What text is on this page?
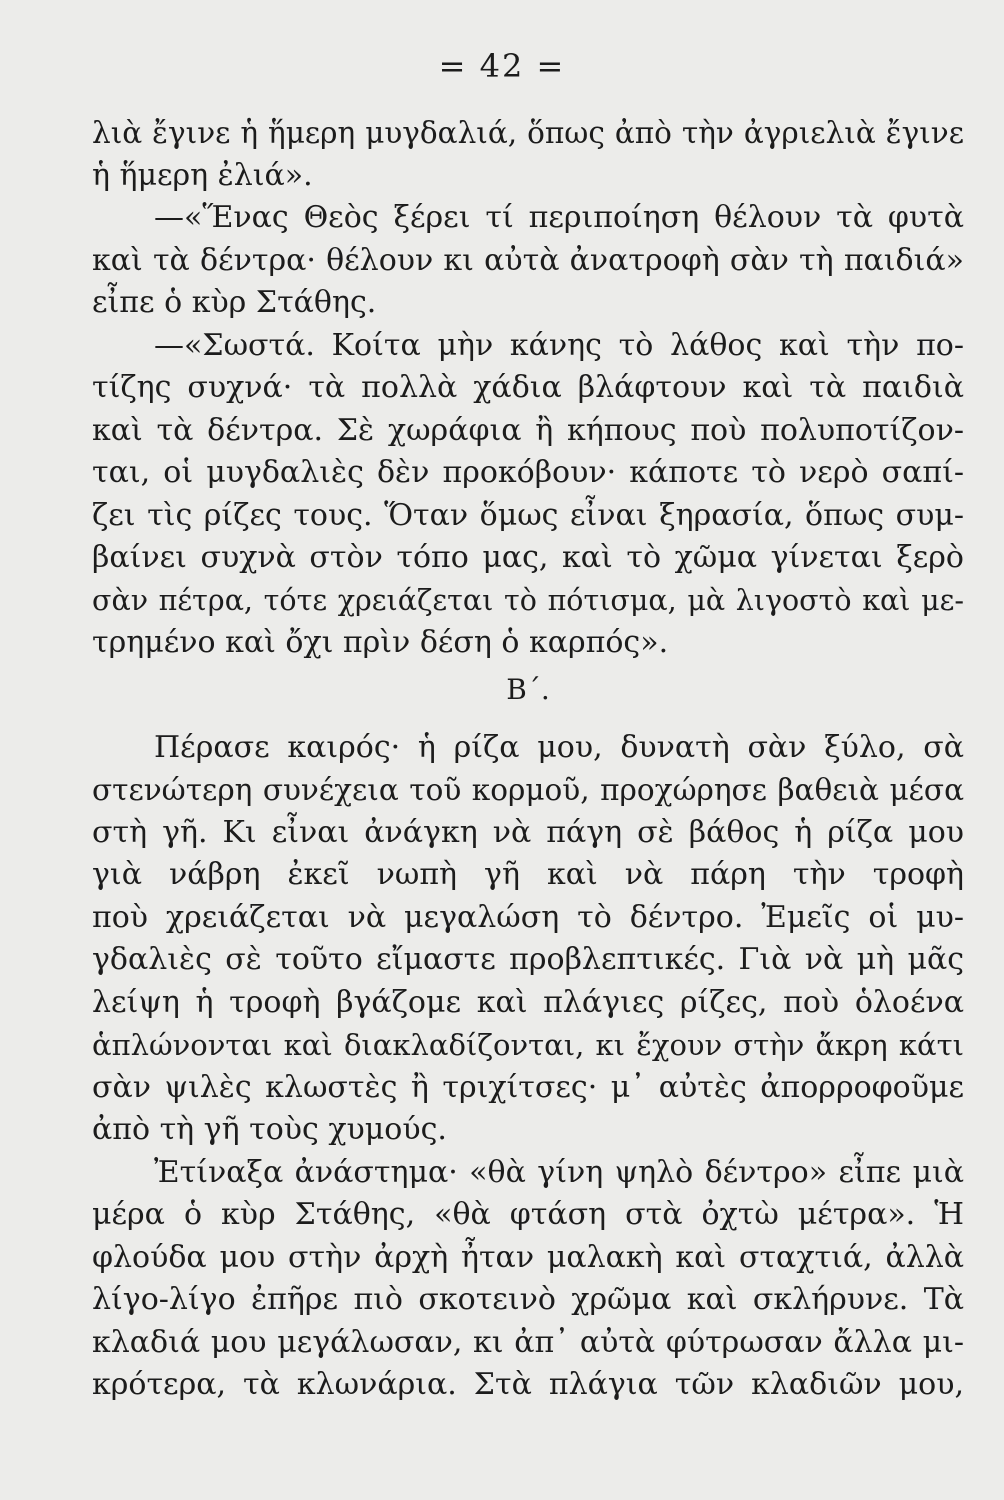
= 42 =
λιὰ ἔγινε ἡ ἥμερη μυγδαλιά, ὅπως ἀπὸ τὴν ἀγριελιὰ ἔγινε
ἡ ἥμερη ἐλιά».
—«Ἕνας Θεὸς ξέρει τί περιποίηση θέλουν τὰ φυτὰ
καὶ τὰ δέντρα· θέλουν κι αὐτὰ ἀνατροφὴ σὰν τὴ παιδιά»
εἶπε ὁ κὺρ Στάθης.
—«Σωστά. Κοίτα μὴν κάνης τὸ λάθος καὶ τὴν πο-
τίζης συχνά· τὰ πολλὰ χάδια βλάφτουν καὶ τὰ παιδιὰ
καὶ τὰ δέντρα. Σὲ χωράφια ἢ κήπους ποὺ πολυποτίζον-
ται, οἱ μυγδαλιὲς δὲν προκόβουν· κάποτε τὸ νερὸ σαπί-
ζει τὶς ρίζες τους. Ὅταν ὅμως εἶναι ξηρασία, ὅπως συμ-
βαίνει συχνὰ στὸν τόπο μας, καὶ τὸ χῶμα γίνεται ξερὸ
σὰν πέτρα, τότε χρειάζεται τὸ πότισμα, μὰ λιγοστὸ καὶ με-
τρημένο καὶ ὄχι πρὶν δέση ὁ καρπός».
Β΄.
Πέρασε καιρός· ἡ ρίζα μου, δυνατὴ σὰν ξύλο, σὰ
στενώτερη συνέχεια τοῦ κορμοῦ, προχώρησε βαθειὰ μέσα
στὴ γῆ. Κι εἶναι ἀνάγκη νὰ πάγη σὲ βάθος ἡ ρίζα μου
γιὰ νάβρη ἐκεῖ νωπὴ γῆ καὶ νὰ πάρη τὴν τροφὴ
ποὺ χρειάζεται νὰ μεγαλώση τὸ δέντρο. Ἐμεῖς οἱ μυ-
γδαλιὲς σὲ τοῦτο εἴμαστε προβλεπτικές. Γιὰ νὰ μὴ μᾶς
λείψη ἡ τροφὴ βγάζομε καὶ πλάγιες ρίζες, ποὺ ὁλοένα
ἁπλώνονται καὶ διακλαδίζονται, κι ἔχουν στὴν ἄκρη κάτι
σὰν ψιλὲς κλωστὲς ἢ τριχίτσες· μ᾿ αὐτὲς ἀπορροφοῦμε
ἀπὸ τὴ γῆ τοὺς χυμούς.
Ἐτίναξα ἀνάστημα· «θὰ γίνη ψηλὸ δέντρο» εἶπε μιὰ
μέρα ὁ κὺρ Στάθης, «θὰ φτάση στὰ ὀχτὼ μέτρα». Ἡ
φλούδα μου στὴν ἀρχὴ ἦταν μαλακὴ καὶ σταχτιά, ἀλλὰ
λίγο-λίγο ἐπῆρε πιὸ σκοτεινὸ χρῶμα καὶ σκλήρυνε. Τὰ
κλαδιά μου μεγάλωσαν, κι ἀπ᾿ αὐτὰ φύτρωσαν ἄλλα μι-
κρότερα, τὰ κλωνάρια. Στὰ πλάγια τῶν κλαδιῶν μου,
